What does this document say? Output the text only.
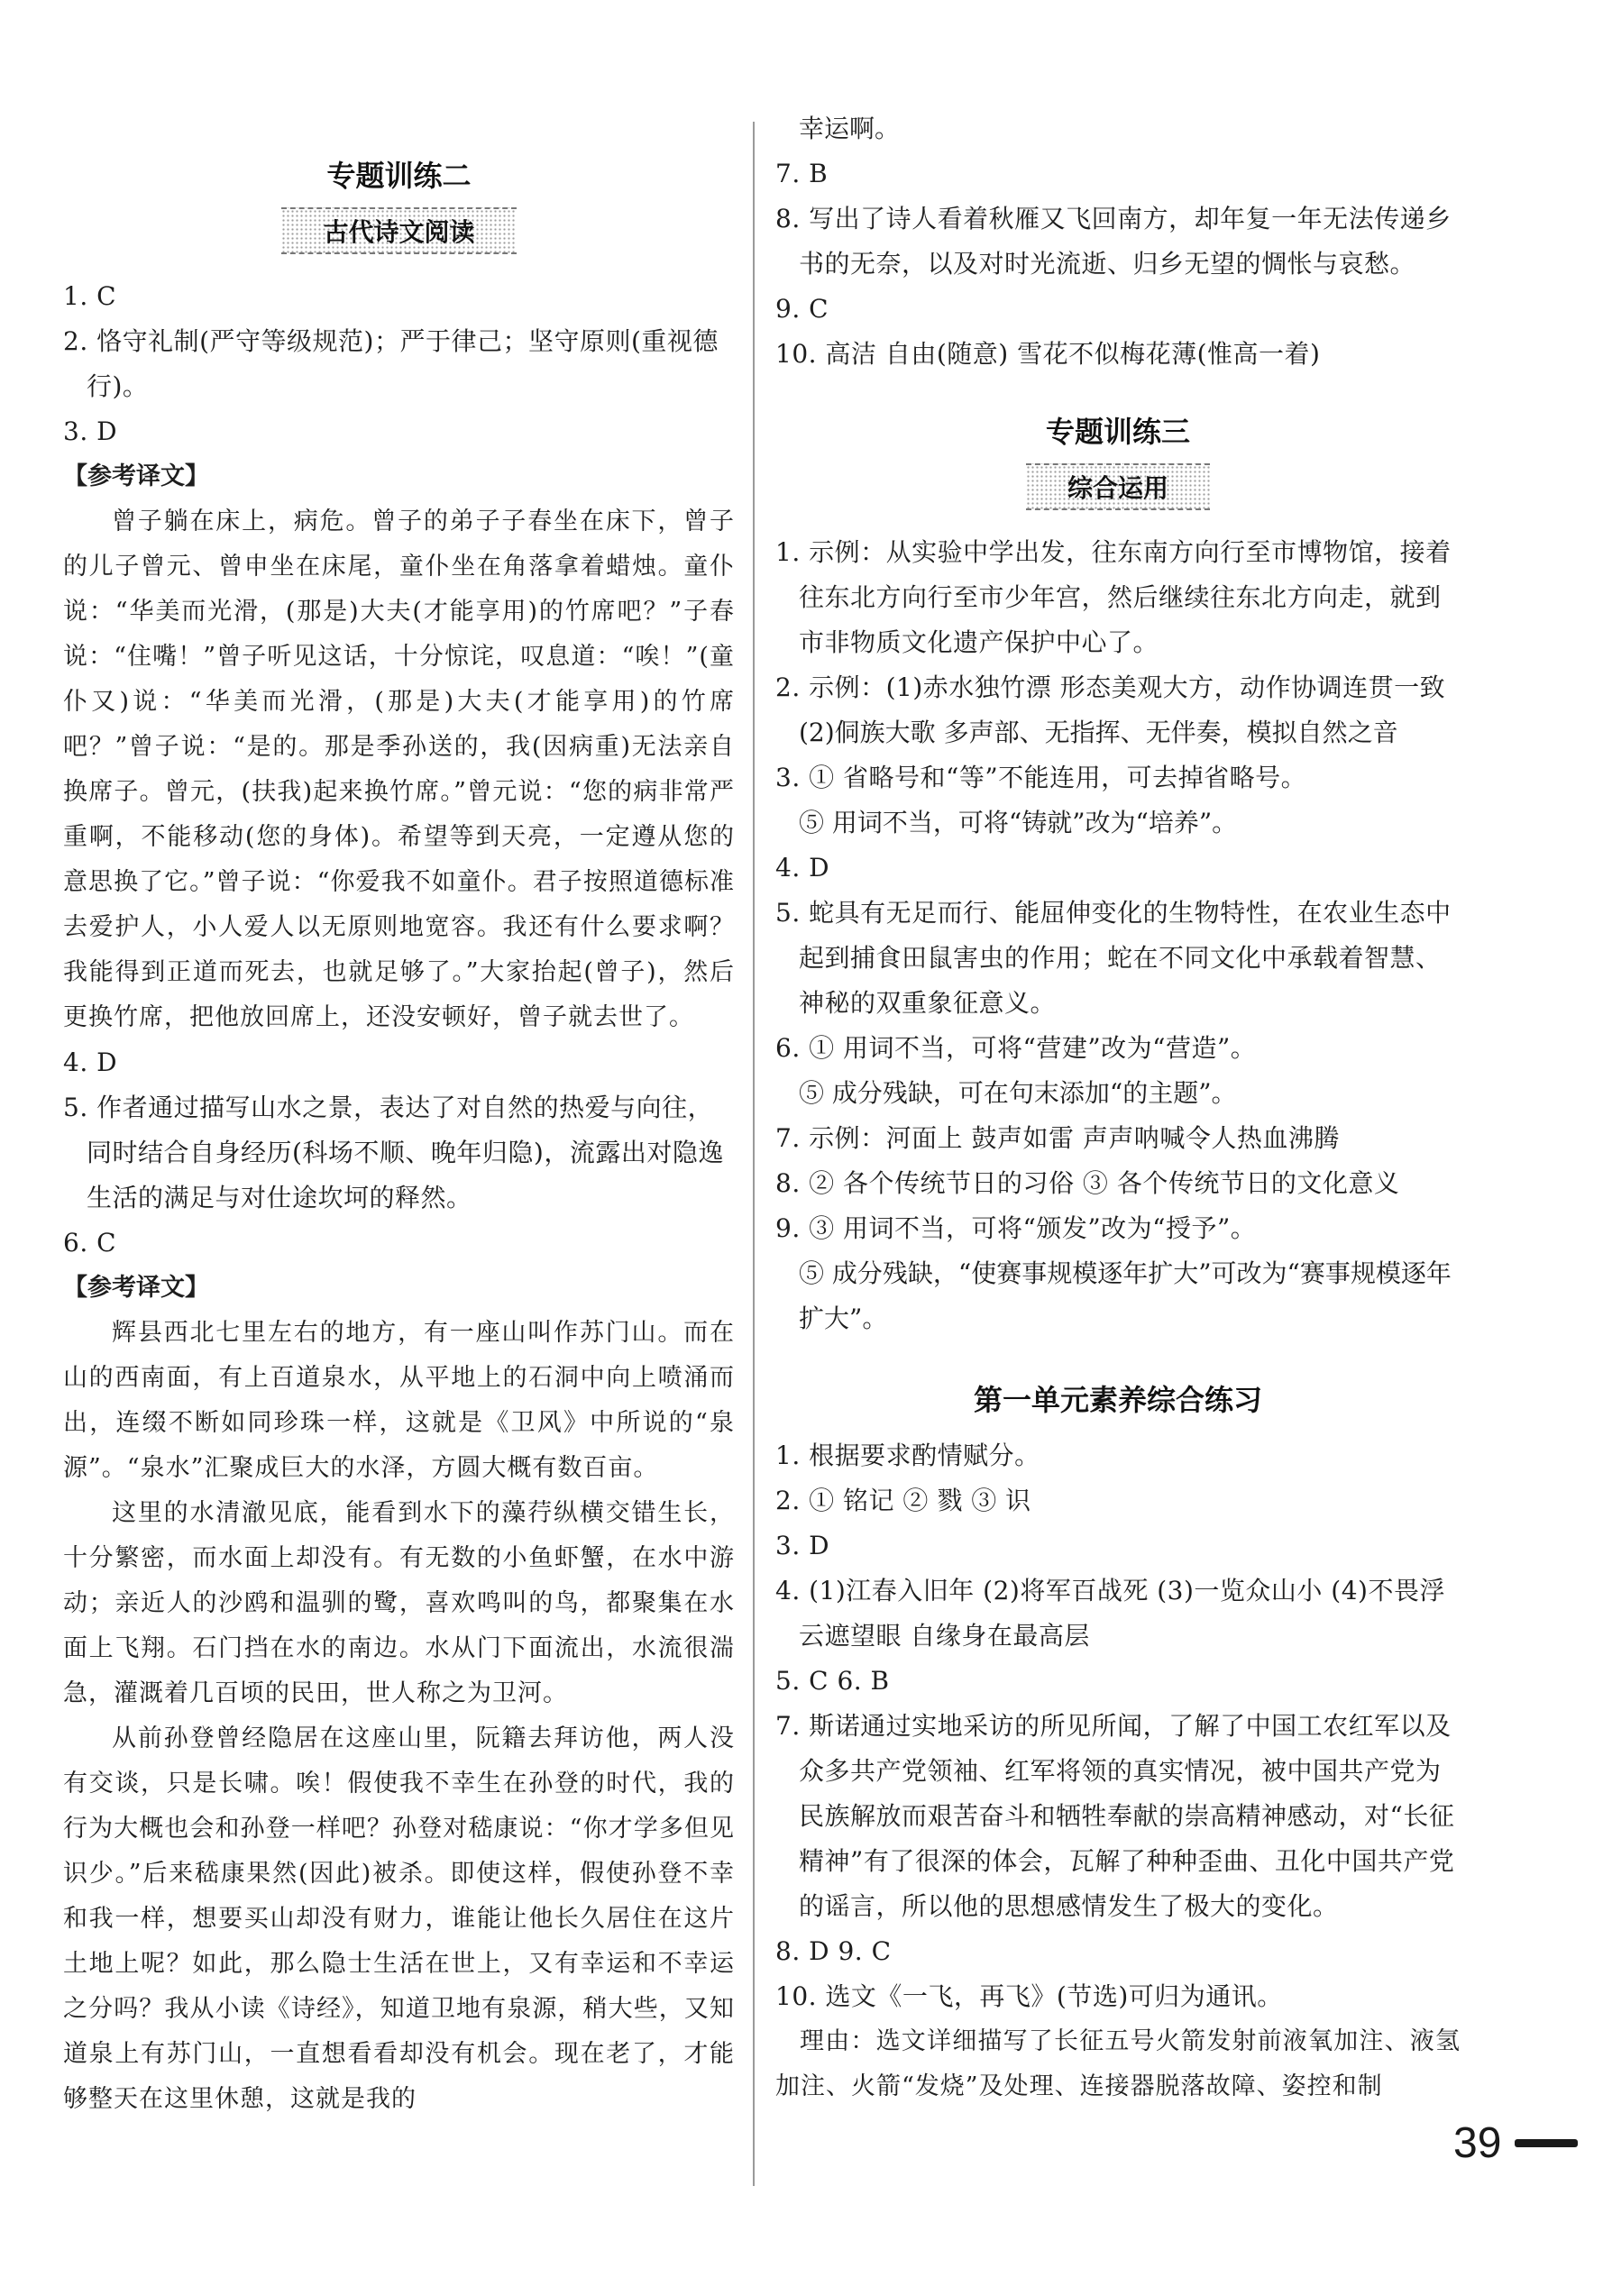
专题训练二
古代诗文阅读

1. C

2. 恪守礼制(严守等级规范)；严于律己；坚守原则(重视德行)。

3. D

【参考译文】

曾子躺在床上，病危。曾子的弟子子春坐在床下，曾子的儿子曾元、曾申坐在床尾，童仆坐在角落拿着蜡烛。童仆说：“华美而光滑，(那是)大夫(才能享用)的竹席吧？”子春说：“住嘴！”曾子听见这话，十分惊诧，叹息道：“唉！”(童仆又)说：“华美而光滑，(那是)大夫(才能享用)的竹席吧？”曾子说：“是的。那是季孙送的，我(因病重)无法亲自换席子。曾元，(扶我)起来换竹席。”曾元说：“您的病非常严重啊，不能移动(您的身体)。希望等到天亮，一定遵从您的意思换了它。”曾子说：“你爱我不如童仆。君子按照道德标准去爱护人，小人爱人以无原则地宽容。我还有什么要求啊？我能得到正道而死去，也就足够了。”大家抬起(曾子)，然后更换竹席，把他放回席上，还没安顿好，曾子就去世了。

4. D

5. 作者通过描写山水之景，表达了对自然的热爱与向往，同时结合自身经历(科场不顺、晚年归隐)，流露出对隐逸生活的满足与对仕途坎坷的释然。

6. C

【参考译文】

辉县西北七里左右的地方，有一座山叫作苏门山。而在山的西南面，有上百道泉水，从平地上的石洞中向上喷涌而出，连缀不断如同珍珠一样，这就是《卫风》中所说的“泉源”。“泉水”汇聚成巨大的水泽，方圆大概有数百亩。

这里的水清澈见底，能看到水下的藻荇纵横交错生长，十分繁密，而水面上却没有。有无数的小鱼虾蟹，在水中游动；亲近人的沙鸥和温驯的鹭，喜欢鸣叫的鸟，都聚集在水面上飞翔。石门挡在水的南边。水从门下面流出，水流很湍急，灌溉着几百顷的民田，世人称之为卫河。

从前孙登曾经隐居在这座山里，阮籍去拜访他，两人没有交谈，只是长啸。唉！假使我不幸生在孙登的时代，我的行为大概也会和孙登一样吧？孙登对嵇康说：“你才学多但见识少。”后来嵇康果然(因此)被杀。即使这样，假使孙登不幸和我一样，想要买山却没有财力，谁能让他长久居住在这片土地上呢？如此，那么隐士生活在世上，又有幸运和不幸运之分吗？我从小读《诗经》，知道卫地有泉源，稍大些，又知道泉上有苏门山，一直想看看却没有机会。现在老了，才能够整天在这里休憩，这就是我的

幸运啊。

7. B

8. 写出了诗人看着秋雁又飞回南方，却年复一年无法传递乡书的无奈，以及对时光流逝、归乡无望的惆怅与哀愁。

9. C

10. 高洁 自由(随意) 雪花不似梅花薄(惟高一着)

专题训练三
综合运用

1. 示例：从实验中学出发，往东南方向行至市博物馆，接着往东北方向行至市少年宫，然后继续往东北方向走，就到市非物质文化遗产保护中心了。

2. 示例：(1)赤水独竹漂 形态美观大方，动作协调连贯一致

(2)侗族大歌 多声部、无指挥、无伴奏，模拟自然之音

3. ① 省略号和“等”不能连用，可去掉省略号。

⑤ 用词不当，可将“铸就”改为“培养”。

4. D

5. 蛇具有无足而行、能屈伸变化的生物特性，在农业生态中起到捕食田鼠害虫的作用；蛇在不同文化中承载着智慧、神秘的双重象征意义。

6. ① 用词不当，可将“营建”改为“营造”。

⑤ 成分残缺，可在句末添加“的主题”。

7. 示例：河面上 鼓声如雷 声声呐喊令人热血沸腾

8. ② 各个传统节日的习俗 ③ 各个传统节日的文化意义

9. ③ 用词不当，可将“颁发”改为“授予”。

⑤ 成分残缺，“使赛事规模逐年扩大”可改为“赛事规模逐年扩大”。

第一单元素养综合练习

1. 根据要求酌情赋分。

2. ① 铭记 ② 戮 ③ 识

3. D

4. (1)江春入旧年 (2)将军百战死 (3)一览众山小 (4)不畏浮云遮望眼 自缘身在最高层

5. C 6. B

7. 斯诺通过实地采访的所见所闻，了解了中国工农红军以及众多共产党领袖、红军将领的真实情况，被中国共产党为民族解放而艰苦奋斗和牺牲奉献的崇高精神感动，对“长征精神”有了很深的体会，瓦解了种种歪曲、丑化中国共产党的谣言，所以他的思想感情发生了极大的变化。

8. D 9. C

10. 选文《一飞，再飞》(节选)可归为通讯。

理由：选文详细描写了长征五号火箭发射前液氧加注、液氢加注、火箭“发烧”及处理、连接器脱落故障、姿控和制

39
